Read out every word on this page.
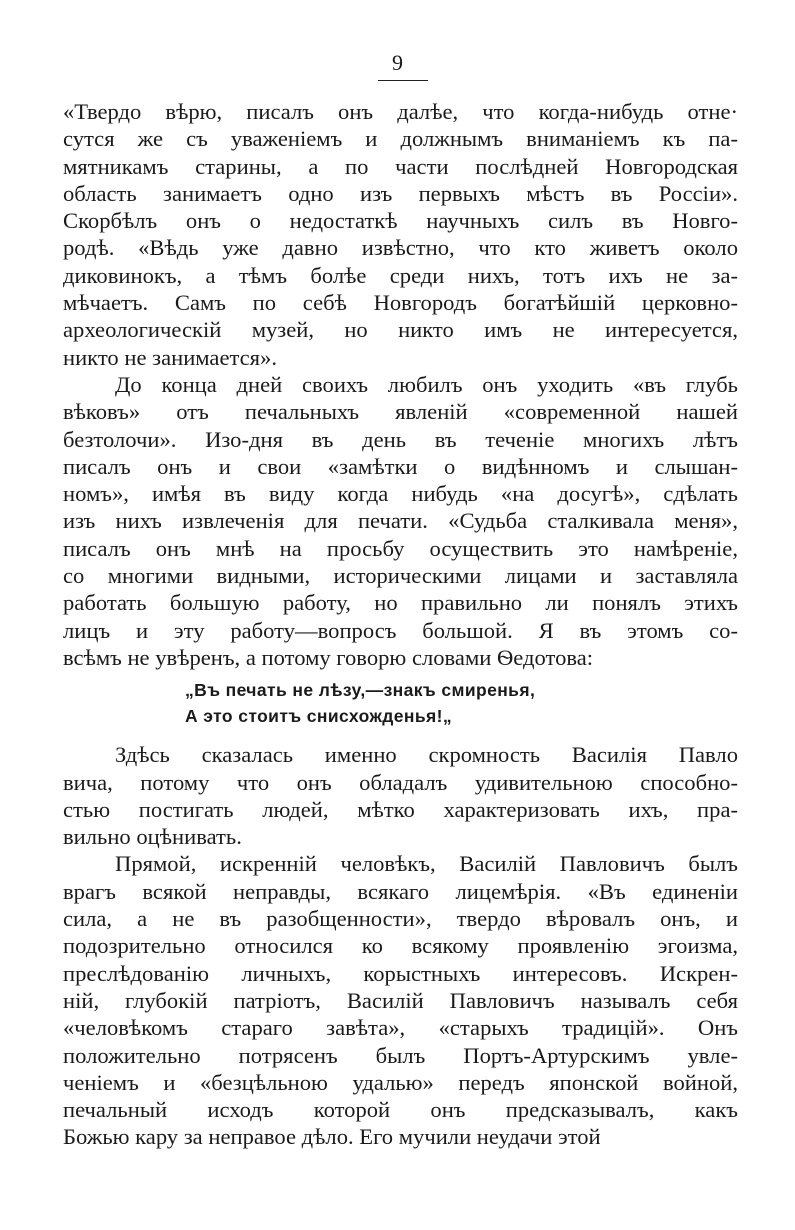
9
«Твердо вѣрю, писалъ онъ далѣе, что когда-нибудь отне·
сутся же съ уваженіемъ и должнымъ вниманіемъ къ па-
мятникамъ старины, а по части послѣдней Новгородская
область занимаетъ одно изъ первыхъ мѣстъ въ Россіи».
Скорбѣлъ онъ о недостаткѣ научныхъ силъ въ Новго-
родѣ. «Вѣдь уже давно извѣстно, что кто живетъ около
диковинокъ, а тѣмъ болѣе среди нихъ, тотъ ихъ не за-
мѣчаетъ. Самъ по себѣ Новгородъ богатѣйшій церковно-
археологическій музей, но никто имъ не интересуется,
никто не занимается».
До конца дней своихъ любилъ онъ уходить «въ глубь
вѣковъ» отъ печальныхъ явленій «современной нашей
безтолочи». Изо-дня въ день въ теченіе многихъ лѣтъ
писалъ онъ и свои «замѣтки о видѣнномъ и слышан-
номъ», имѣя въ виду когда нибудь «на досугѣ», сдѣлать
изъ нихъ извлеченія для печати. «Судьба сталкивала меня»,
писалъ онъ мнѣ на просьбу осуществить это намѣреніе,
со многими видными, историческими лицами и заставляла
работать большую работу, но правильно ли понялъ этихъ
лицъ и эту работу—вопросъ большой. Я въ этомъ со-
всѣмъ не увѣренъ, а потому говорю словами Ѳедотова:
„Въ печать не лѣзу,—знакъ смиренья,
А это стоитъ снисхожденья!„
Здѣсь сказалась именно скромность Василія Павло
вича, потому что онъ обладалъ удивительною способно-
стью постигать людей, мѣтко характеризовать ихъ, пра-
вильно оцѣнивать.
Прямой, искренній человѣкъ, Василій Павловичъ былъ
врагъ всякой неправды, всякаго лицемѣрія. «Въ единеніи
сила, а не въ разобщенности», твердо вѣровалъ онъ, и
подозрительно относился ко всякому проявленію эгоизма,
преслѣдованію личныхъ, корыстныхъ интересовъ. Искрен-
ній, глубокій патріотъ, Василій Павловичъ называлъ себя
«человѣкомъ стараго завѣта», «старыхъ традицій». Онъ
положительно потрясенъ былъ Портъ-Артурскимъ увле-
ченіемъ и «безцѣльною удалью» передъ японской войной,
печальный исходъ которой онъ предсказывалъ, какъ
Божью кару за неправое дѣло. Его мучили неудачи этой
